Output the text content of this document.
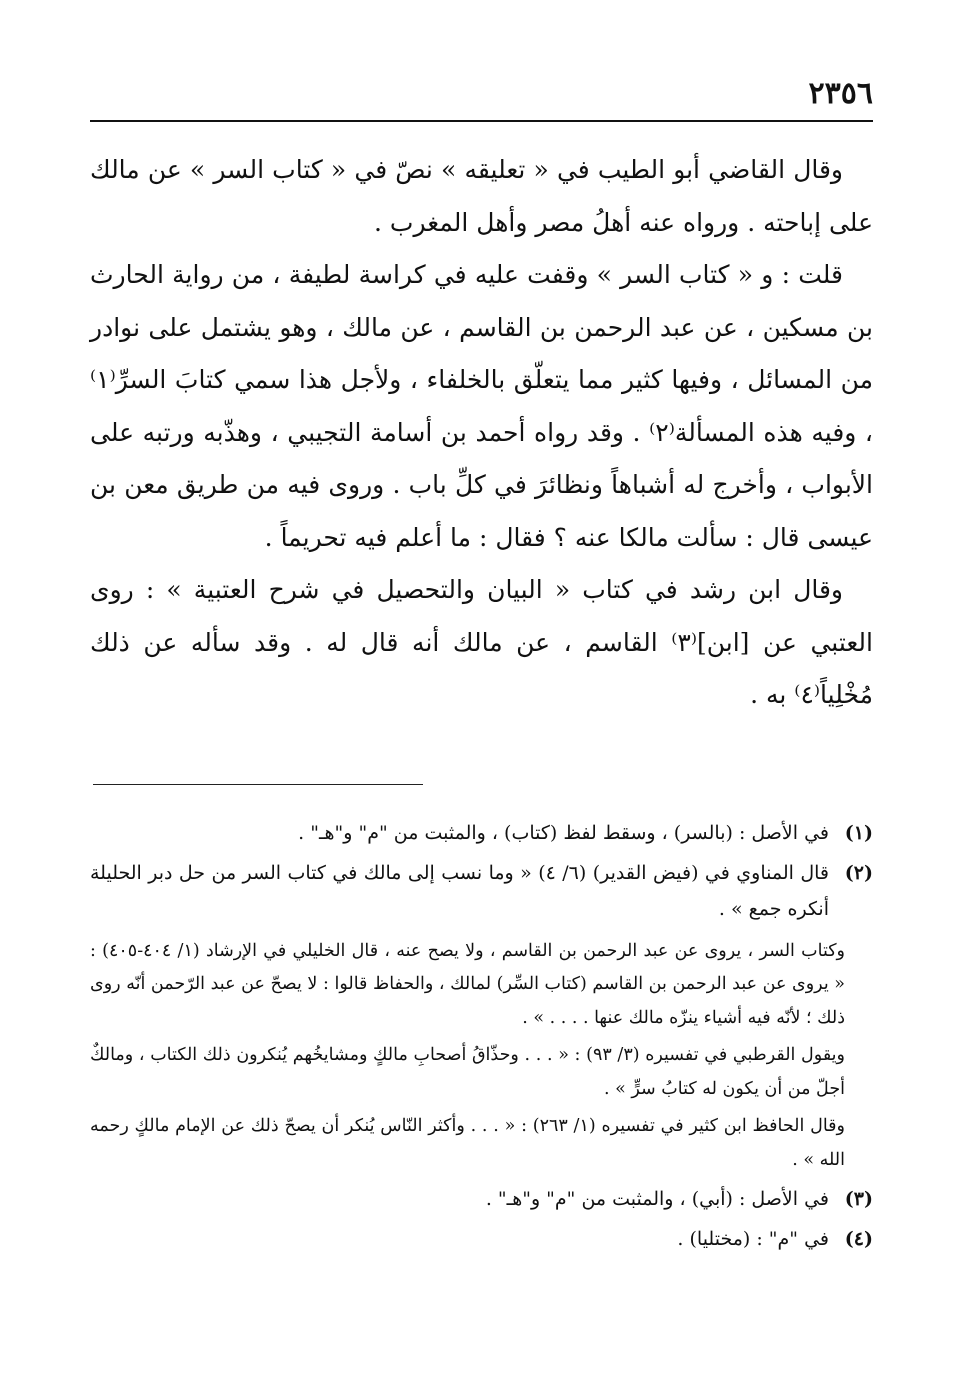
٢٣٥٦

وقال القاضي أبو الطيب في « تعليقه » نصّ في « كتاب السر » عن مالك على إباحته . ورواه عنه أهلُ مصر وأهل المغرب .

قلت : و « كتاب السر » وقفت عليه في كراسة لطيفة ، من رواية الحارث بن مسكين ، عن عبد الرحمن بن القاسم ، عن مالك ، وهو يشتمل على نوادر من المسائل ، وفيها كثير مما يتعلّق بالخلفاء ، ولأجل هذا سمي كتابَ السرِّ⁽١⁾ ، وفيه هذه المسألة⁽٢⁾ . وقد رواه أحمد بن أسامة التجيبي ، وهذّبه ورتبه على الأبواب ، وأخرج له أشباهاً ونظائرَ في كلِّ باب . وروى فيه من طريق معن بن عيسى قال : سألت مالكا عنه ؟ فقال : ما أعلم فيه تحريماً .

وقال ابن رشد في كتاب « البيان والتحصيل في شرح العتبية » : روى العتبي عن [ابن]⁽٣⁾ القاسم ، عن مالك أنه قال له . وقد سأله عن ذلك مُخْلِياً⁽٤⁾ به .

(١)

في الأصل : (بالسر) ، وسقط لفظ (كتاب) ، والمثبت من "م" و"هـ" .

(٢)

قال المناوي في (فيض القدير) (٦/ ٤) « وما نسب إلى مالك في كتاب السر من حل دبر الحليلة أنكره جمع » .

وكتاب السر ، يروى عن عبد الرحمن بن القاسم ، ولا يصح عنه ، قال الخليلي في الإرشاد (١/ ٤٠٤-٤٠٥) : « يروى عن عبد الرحمن بن القاسم (كتاب السِّر) لمالك ، والحفاظ قالوا : لا يصحّ عن عبد الرّحمن أنّه روى ذلك ؛ لأنّه فيه أشياء ينزّه مالك عنها . . . . » .

ويقول القرطبي في تفسيره (٣/ ٩٣) : « . . . وحذّاقُ أصحابِ مالكٍ ومشايخُهم يُنكرون ذلك الكتاب ، ومالكٌ أجلّ من أن يكون له كتابُ سرٍّ » .

وقال الحافظ ابن كثير في تفسيره (١/ ٢٦٣) : « . . . وأكثر النّاس يُنكر أن يصحّ ذلك عن الإمام مالكٍ رحمه الله » .

(٣)

في الأصل : (أبي) ، والمثبت من "م" و"هـ" .

(٤)

في "م" : (مختليا) .
